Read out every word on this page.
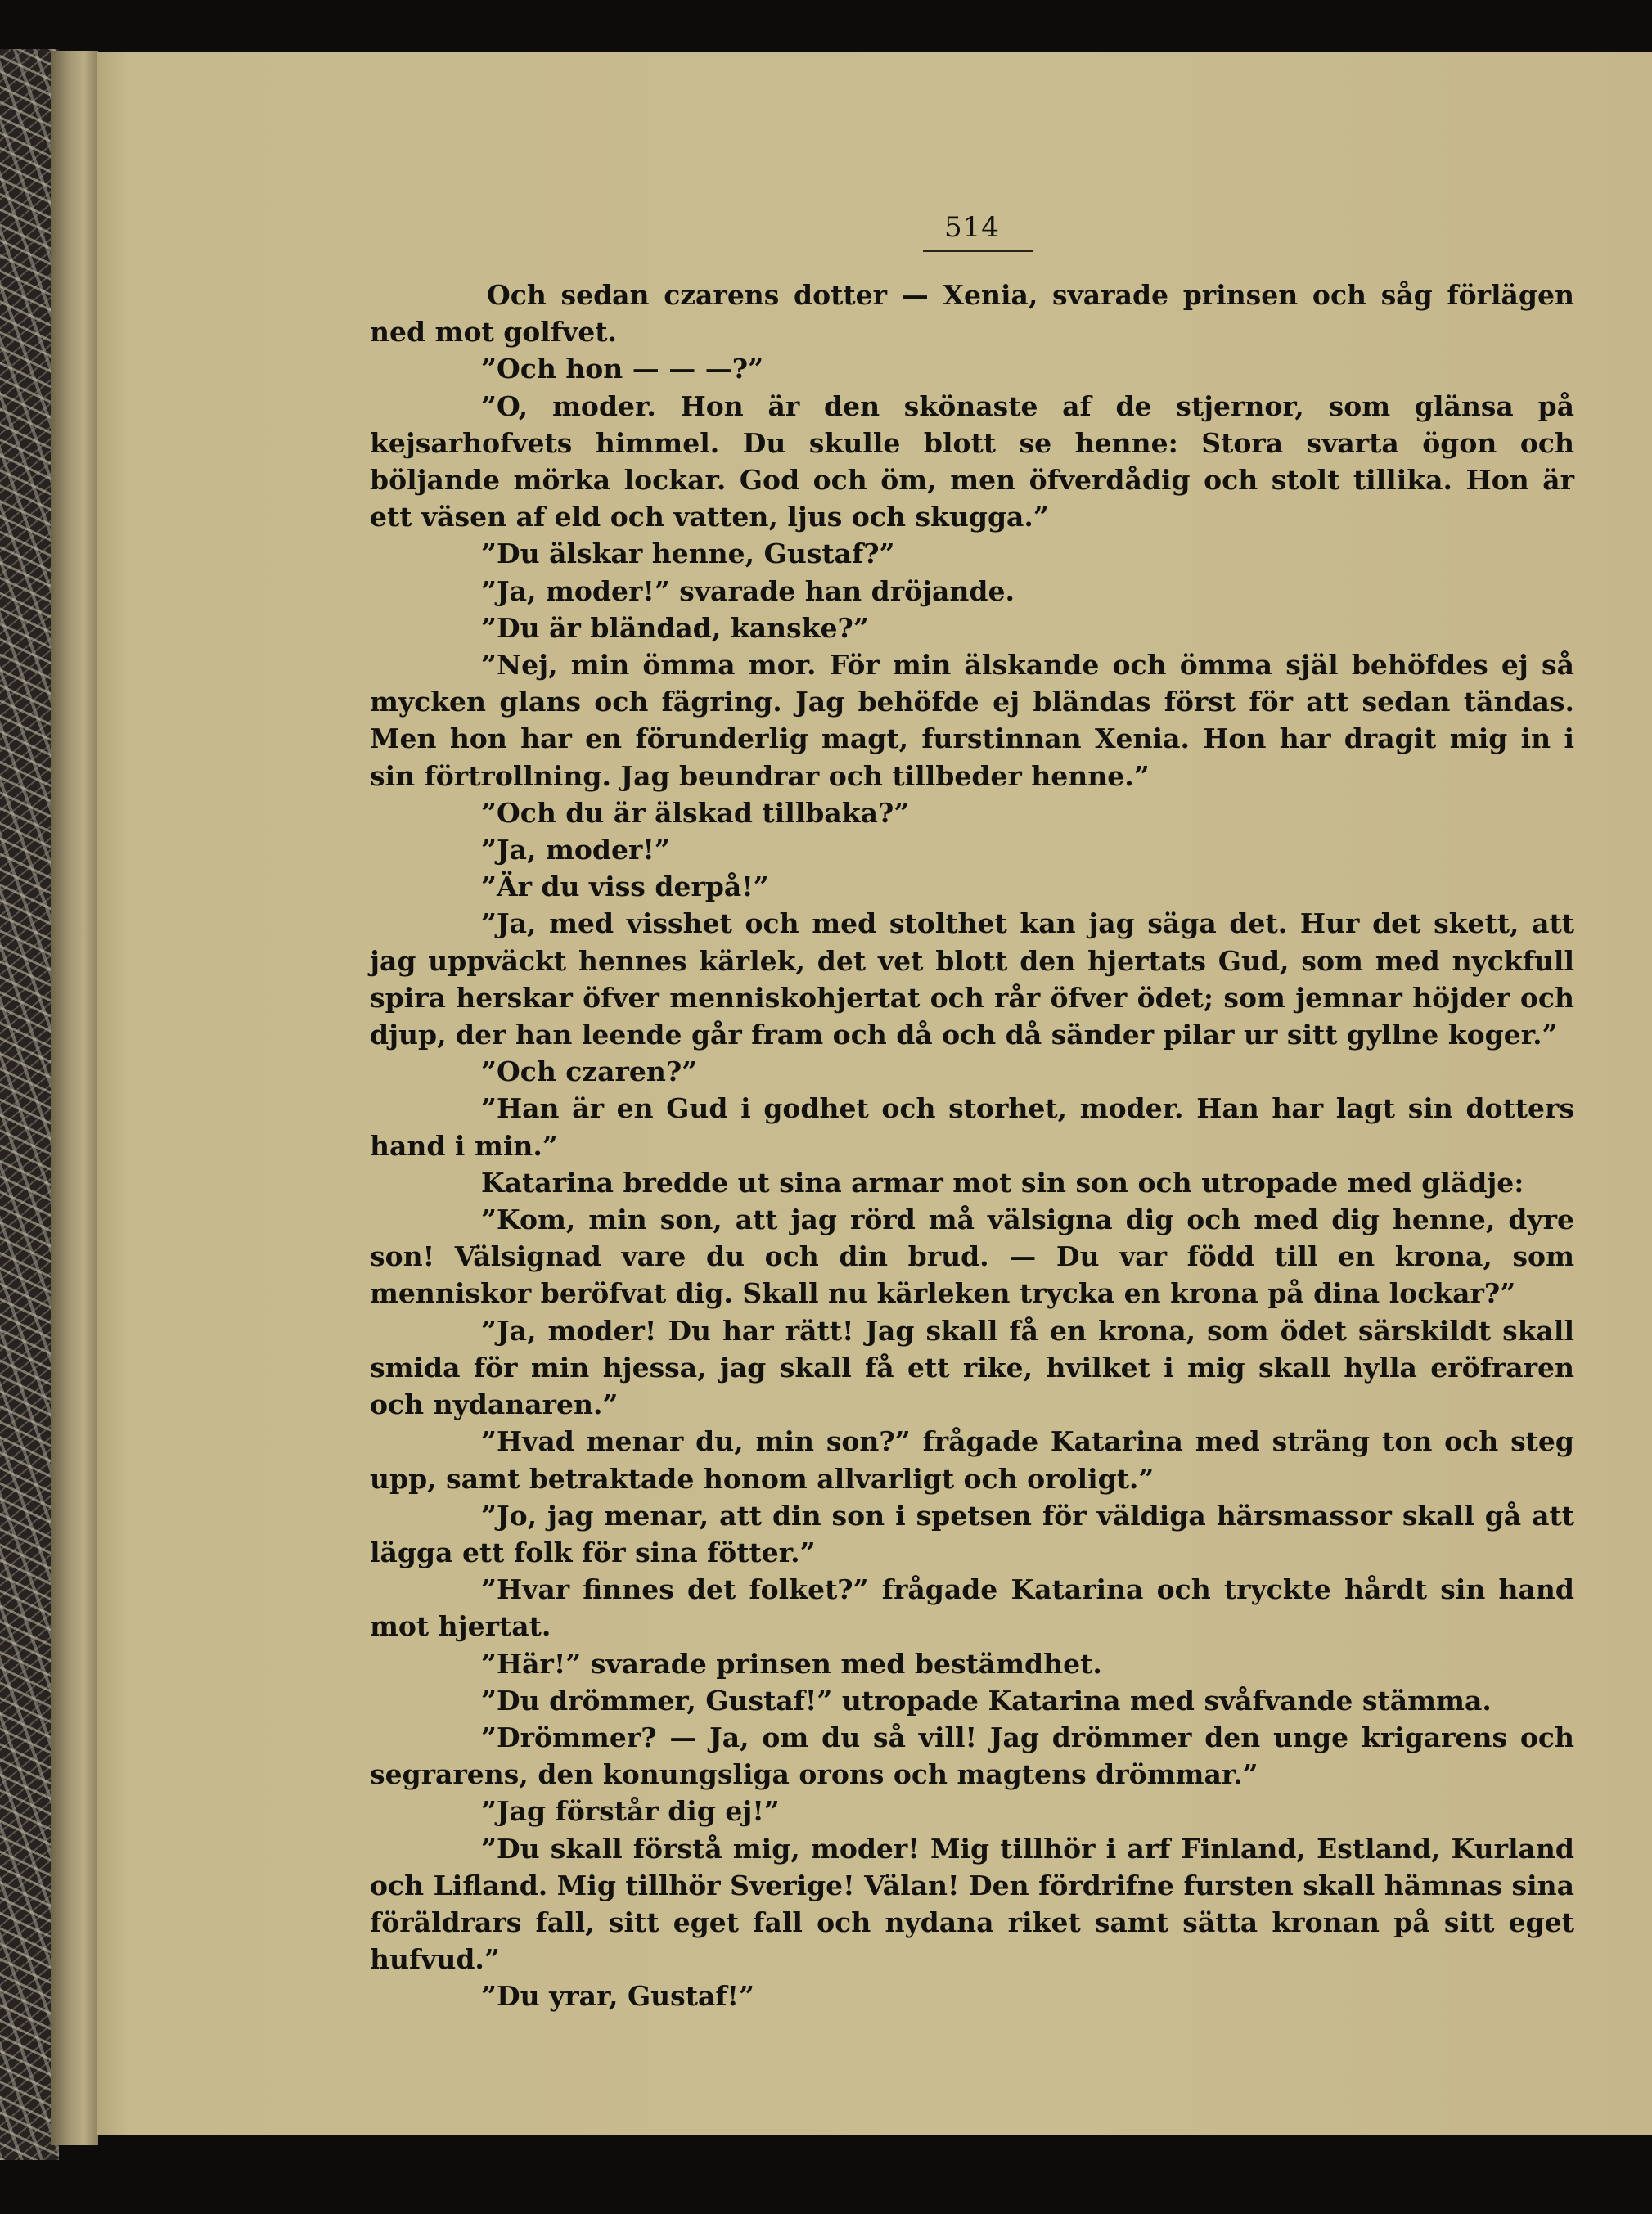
514

Och sedan czarens dotter — Xenia, svarade prinsen och såg förlägen ned mot golfvet.

”Och hon — — —?”

”O, moder. Hon är den skönaste af de stjernor, som glänsa på kejsarhofvets himmel. Du skulle blott se henne: Stora svarta ögon och böljande mörka lockar. God och öm, men öfverdådig och stolt tillika. Hon är ett väsen af eld och vatten, ljus och skugga.”

”Du älskar henne, Gustaf?”

”Ja, moder!” svarade han dröjande.

”Du är bländad, kanske?”

”Nej, min ömma mor. För min älskande och ömma själ behöfdes ej så mycken glans och fägring. Jag behöfde ej bländas först för att sedan tändas. Men hon har en förunderlig magt, furstinnan Xenia. Hon har dragit mig in i sin förtrollning. Jag beundrar och tillbeder henne.”

”Och du är älskad tillbaka?”

”Ja, moder!”

”Är du viss derpå!”

”Ja, med visshet och med stolthet kan jag säga det. Hur det skett, att jag uppväckt hennes kärlek, det vet blott den hjertats Gud, som med nyckfull spira herskar öfver menniskohjertat och rår öfver ödet; som jemnar höjder och djup, der han leende går fram och då och då sänder pilar ur sitt gyllne koger.”

”Och czaren?”

”Han är en Gud i godhet och storhet, moder. Han har lagt sin dotters hand i min.”

Katarina bredde ut sina armar mot sin son och utropade med glädje:

”Kom, min son, att jag rörd må välsigna dig och med dig henne, dyre son! Välsignad vare du och din brud. — Du var född till en krona, som menniskor beröfvat dig. Skall nu kärleken trycka en krona på dina lockar?”

”Ja, moder! Du har rätt! Jag skall få en krona, som ödet särskildt skall smida för min hjessa, jag skall få ett rike, hvilket i mig skall hylla eröfraren och nydanaren.”

”Hvad menar du, min son?” frågade Katarina med sträng ton och steg upp, samt betraktade honom allvarligt och oroligt.”

”Jo, jag menar, att din son i spetsen för väldiga härsmassor skall gå att lägga ett folk för sina fötter.”

”Hvar finnes det folket?” frågade Katarina och tryckte hårdt sin hand mot hjertat.

”Här!” svarade prinsen med bestämdhet.

”Du drömmer, Gustaf!” utropade Katarina med svåfvande stämma.

”Drömmer? — Ja, om du så vill! Jag drömmer den unge krigarens och segrarens, den konungsliga orons och magtens drömmar.”

”Jag förstår dig ej!”

”Du skall förstå mig, moder! Mig tillhör i arf Finland, Estland, Kurland och Lifland. Mig tillhör Sverige! Välan! Den fördrifne fursten skall hämnas sina föräldrars fall, sitt eget fall och nydana riket samt sätta kronan på sitt eget hufvud.”

”Du yrar, Gustaf!”
